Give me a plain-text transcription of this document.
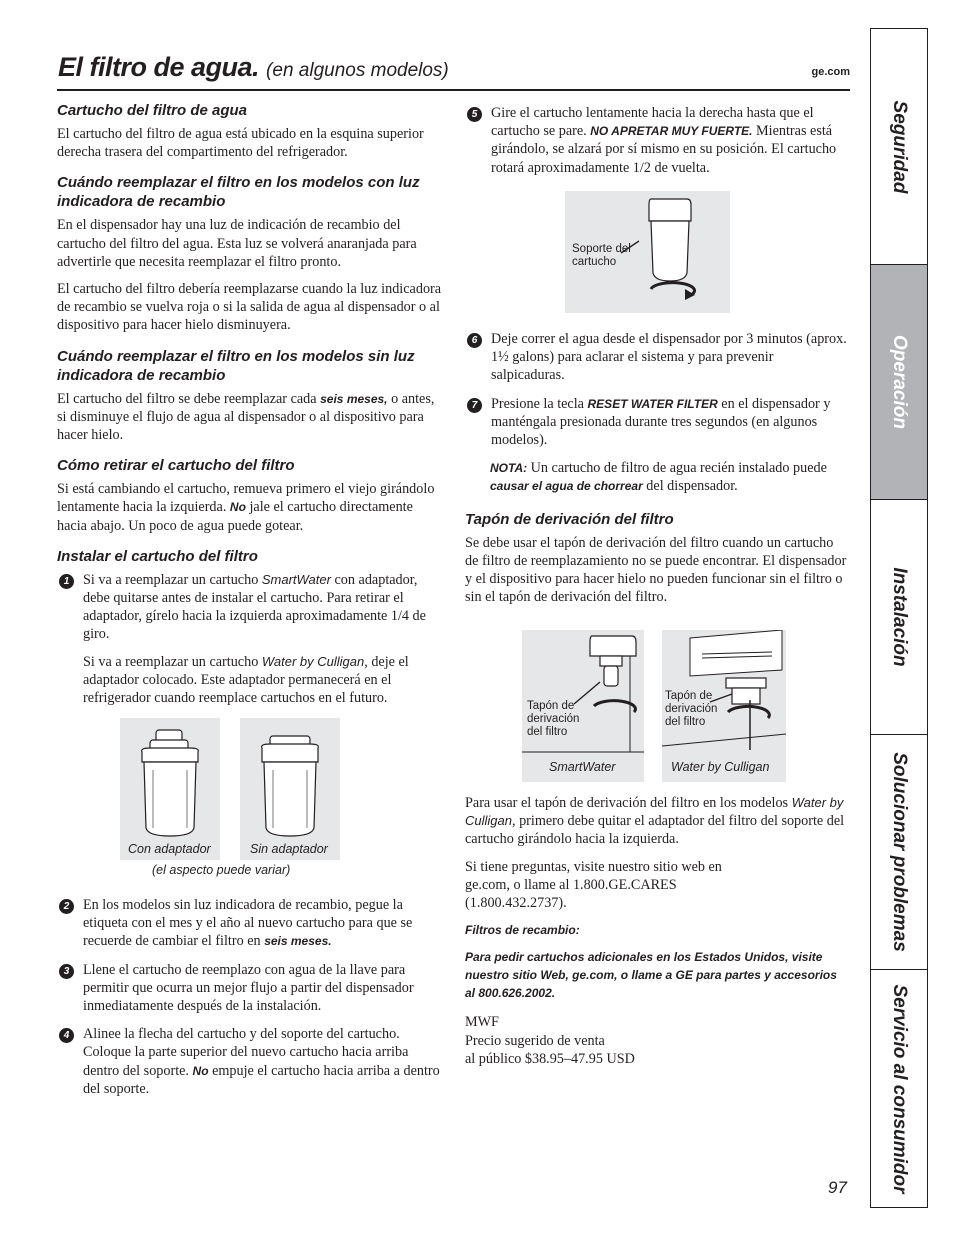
El filtro de agua. (en algunos modelos)	ge.com
Cartucho del filtro de agua

El cartucho del filtro de agua está ubicado en la esquina superior derecha trasera del compartimento del refrigerador.

Cuándo reemplazar el filtro en los modelos con luz indicadora de recambio

En el dispensador hay una luz de indicación de recambio del cartucho del filtro del agua. Esta luz se volverá anaranjada para advertirle que necesita reemplazar el filtro pronto.

El cartucho del filtro debería reemplazarse cuando la luz indicadora de recambio se vuelva roja o si la salida de agua al dispensador o al dispositivo para hacer hielo disminuyera.

Cuándo reemplazar el filtro en los modelos sin luz indicadora de recambio

El cartucho del filtro se debe reemplazar cada seis meses, o antes, si disminuye el flujo de agua al dispensador o al dispositivo para hacer hielo.

Cómo retirar el cartucho del filtro

Si está cambiando el cartucho, remueva primero el viejo girándolo lentamente hacia la izquierda. No jale el cartucho directamente hacia abajo. Un poco de agua puede gotear.

Instalar el cartucho del filtro
1 Si va a reemplazar un cartucho SmartWater con adaptador, debe quitarse antes de instalar el cartucho. Para retirar el adaptador, gírelo hacia la izquierda aproximadamente 1/4 de giro.

Si va a reemplazar un cartucho Water by Culligan, deje el adaptador colocado. Este adaptador permanecerá en el refrigerador cuando reemplace cartuchos en el futuro.

Con adaptador	Sin adaptador
(el aspecto puede variar)
2 En los modelos sin luz indicadora de recambio, pegue la etiqueta con el mes y el año al nuevo cartucho para que se recuerde de cambiar el filtro en seis meses.

3 Llene el cartucho de reemplazo con agua de la llave para permitir que ocurra un mejor flujo a partir del dispensador inmediatamente después de la instalación.

4 Alinee la flecha del cartucho y del soporte del cartucho. Coloque la parte superior del nuevo cartucho hacia arriba dentro del soporte. No empuje el cartucho hacia arriba a dentro del soporte.

5 Gire el cartucho lentamente hacia la derecha hasta que el cartucho se pare. NO APRETAR MUY FUERTE. Mientras está girándolo, se alzará por sí mismo en su posición. El cartucho rotará aproximadamente 1/2 de vuelta.

Soporte del cartucho
6 Deje correr el agua desde el dispensador por 3 minutos (aprox. 1½ galons) para aclarar el sistema y para prevenir salpicaduras.

7 Presione la tecla RESET WATER FILTER en el dispensador y manténgala presionada durante tres segundos (en algunos modelos).

NOTA: Un cartucho de filtro de agua recién instalado puede causar el agua de chorrear del dispensador.
Tapón de derivación del filtro

Se debe usar el tapón de derivación del filtro cuando un cartucho de filtro de reemplazamiento no se puede encontrar. El dispensador y el dispositivo para hacer hielo no pueden funcionar sin el filtro o sin el tapón de derivación del filtro.

Tapón de derivación del filtro
SmartWater
Tapón de derivación del filtro
Water by Culligan

Para usar el tapón de derivación del filtro en los modelos Water by Culligan, primero debe quitar el adaptador del filtro del soporte del cartucho girándolo hacia la izquierda.

Si tiene preguntas, visite nuestro sitio web en ge.com, o llame al 1.800.GE.CARES (1.800.432.2737).

Filtros de recambio:
Para pedir cartuchos adicionales en los Estados Unidos, visite nuestro sitio Web, ge.com, o llame a GE para partes y accesorios al 800.626.2002.
MWF
Precio sugerido de venta
al público $38.95–47.95 USD
Seguridad
Operación
Instalación
Solucionar problemas
Servicio al consumidor
97
